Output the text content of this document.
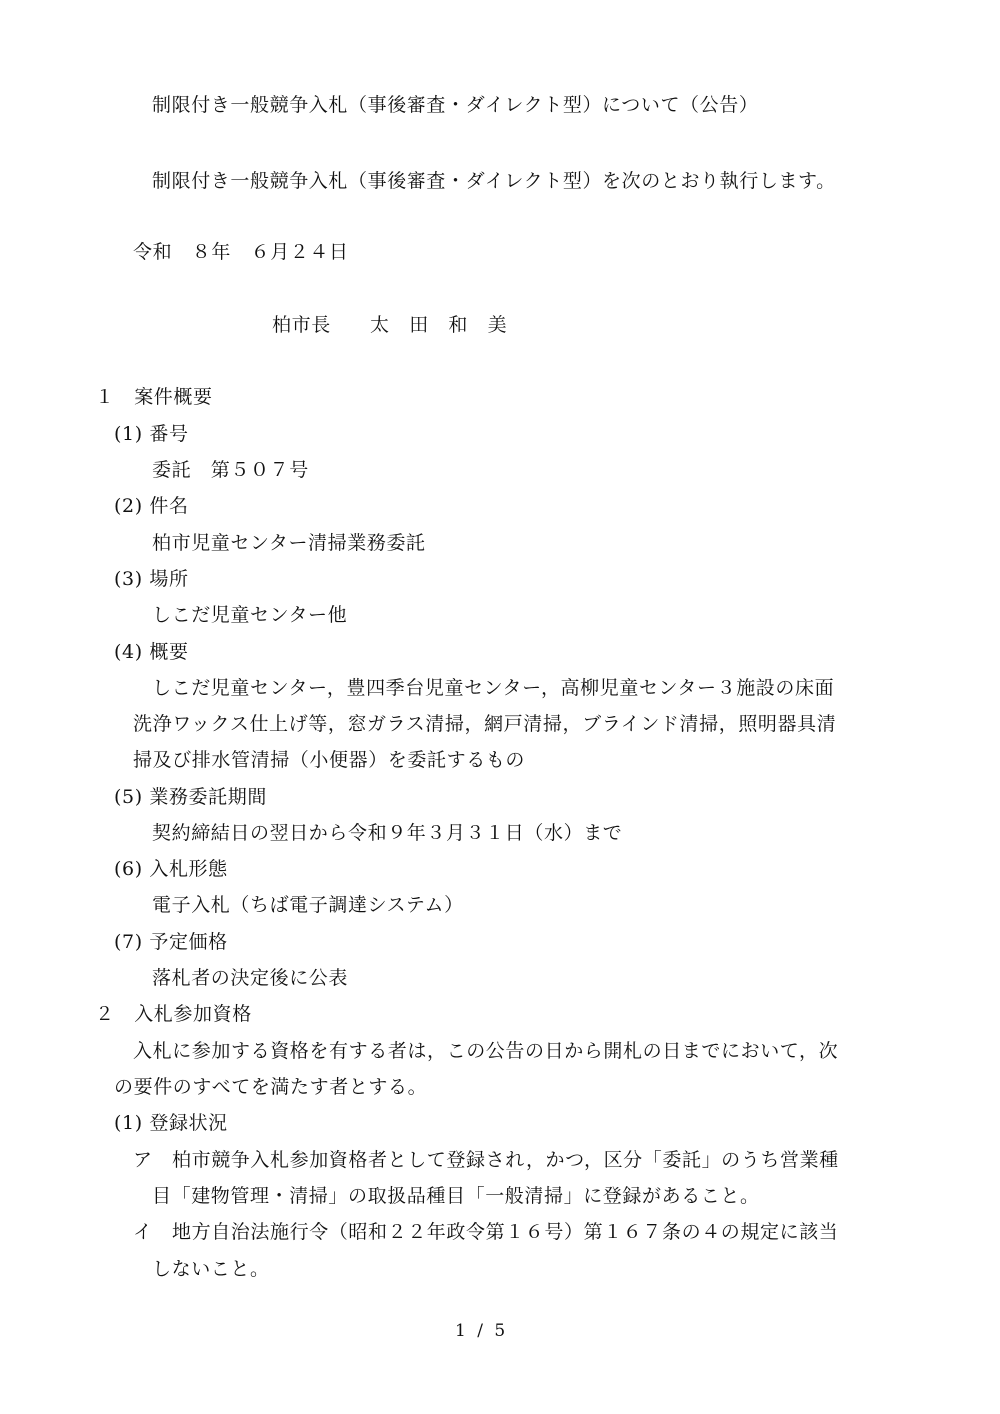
制限付き一般競争入札（事後審査・ダイレクト型）について（公告）
制限付き一般競争入札（事後審査・ダイレクト型）を次のとおり執行します。
令和　８年　６月２４日
柏市長　　太　田　和　美
１　案件概要
(1) 番号
委託　第５０７号
(2) 件名
柏市児童センター清掃業務委託
(3) 場所
しこだ児童センター他
(4) 概要
しこだ児童センター，豊四季台児童センター，高柳児童センター３施設の床面
洗浄ワックス仕上げ等，窓ガラス清掃，網戸清掃，ブラインド清掃，照明器具清
掃及び排水管清掃（小便器）を委託するもの
(5) 業務委託期間
契約締結日の翌日から令和９年３月３１日（水）まで
(6) 入札形態
電子入札（ちば電子調達システム）
(7) 予定価格
落札者の決定後に公表
２　入札参加資格
入札に参加する資格を有する者は，この公告の日から開札の日までにおいて，次
の要件のすべてを満たす者とする。
(1) 登録状況
ア 柏市競争入札参加資格者として登録され，かつ，区分「委託」のうち営業種
目「建物管理・清掃」の取扱品種目「一般清掃」に登録があること。
イ 地方自治法施行令（昭和２２年政令第１６号）第１６７条の４の規定に該当
しないこと。
1 / 5
